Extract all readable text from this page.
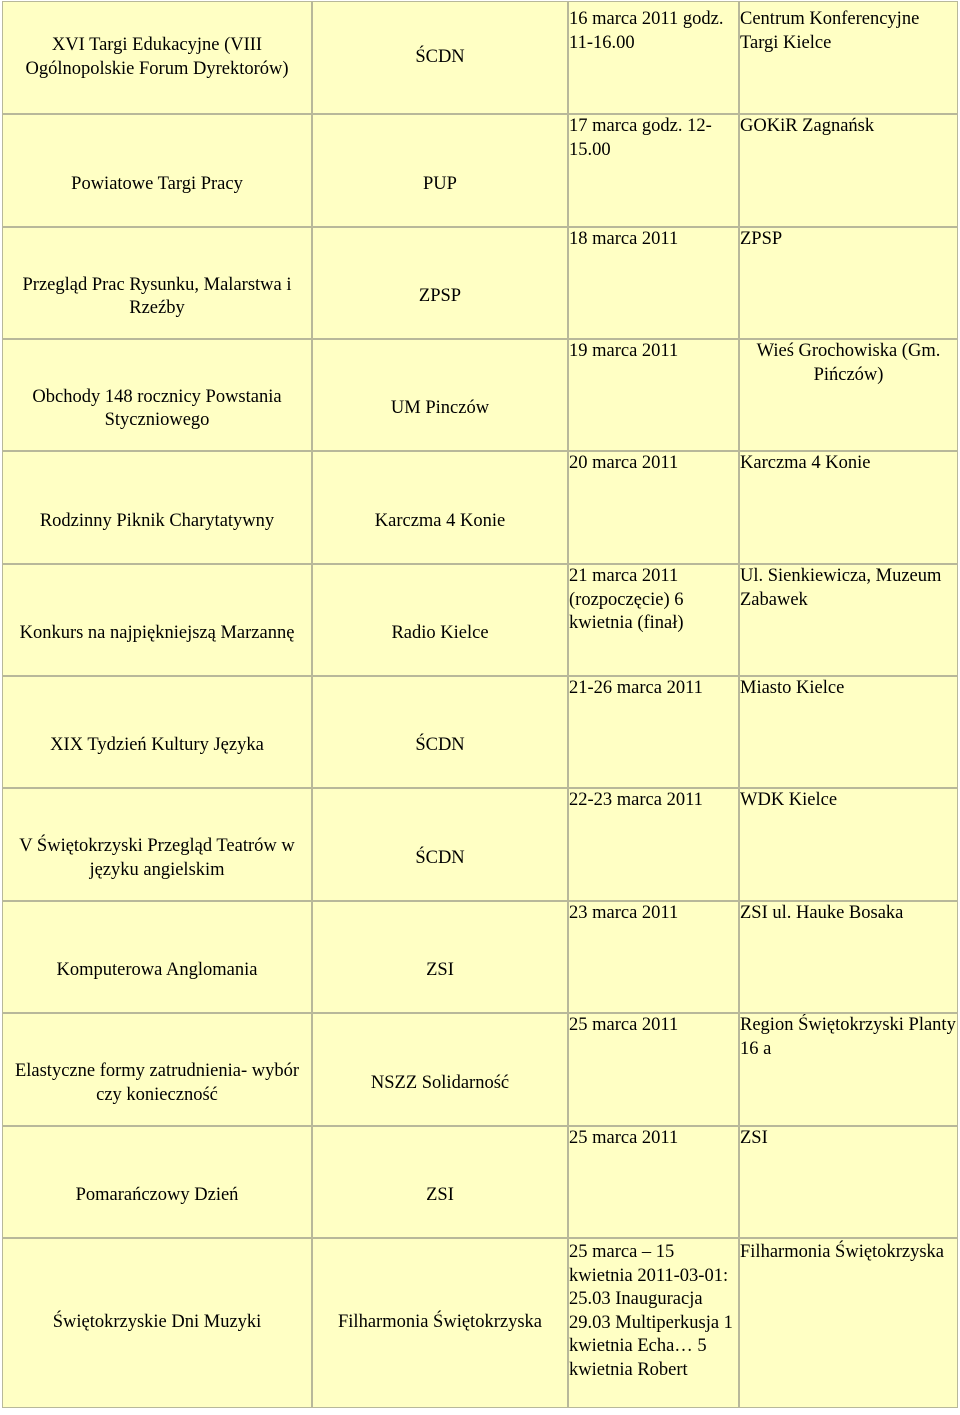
XVI Targi Edukacyjne (VIII Ogólnopolskie Forum Dyrektorów)	ŚCDN	16 marca 2011 godz. 11-16.00	Centrum Konferencyjne Targi Kielce
Powiatowe Targi Pracy	PUP	17 marca godz. 12-15.00	GOKiR Zagnańsk
Przegląd Prac Rysunku, Malarstwa i Rzeźby	ZPSP	18 marca 2011	ZPSP
Obchody 148 rocznicy Powstania Styczniowego	UM Pinczów	19 marca 2011	Wieś Grochowiska (Gm. Pińczów)
Rodzinny Piknik Charytatywny	Karczma 4 Konie	20 marca 2011	Karczma 4 Konie
Konkurs na najpiękniejszą Marzannę	Radio Kielce	21 marca 2011 (rozpoczęcie) 6 kwietnia (finał)	Ul. Sienkiewicza, Muzeum Zabawek
XIX Tydzień Kultury Języka	ŚCDN	21-26 marca 2011	Miasto Kielce
V Świętokrzyski Przegląd Teatrów w języku angielskim	ŚCDN	22-23 marca 2011	WDK Kielce
Komputerowa Anglomania	ZSI	23 marca 2011	ZSI ul. Hauke Bosaka
Elastyczne formy zatrudnienia- wybór czy konieczność	NSZZ Solidarność	25 marca 2011	Region Świętokrzyski Planty 16 a
Pomarańczowy Dzień	ZSI	25 marca 2011	ZSI
Świętokrzyskie Dni Muzyki	Filharmonia Świętokrzyska	25 marca – 15 kwietnia 2011-03-01: 25.03 Inauguracja 29.03 Multiperkusja 1 kwietnia Echa… 5 kwietnia Robert	Filharmonia Świętokrzyska
